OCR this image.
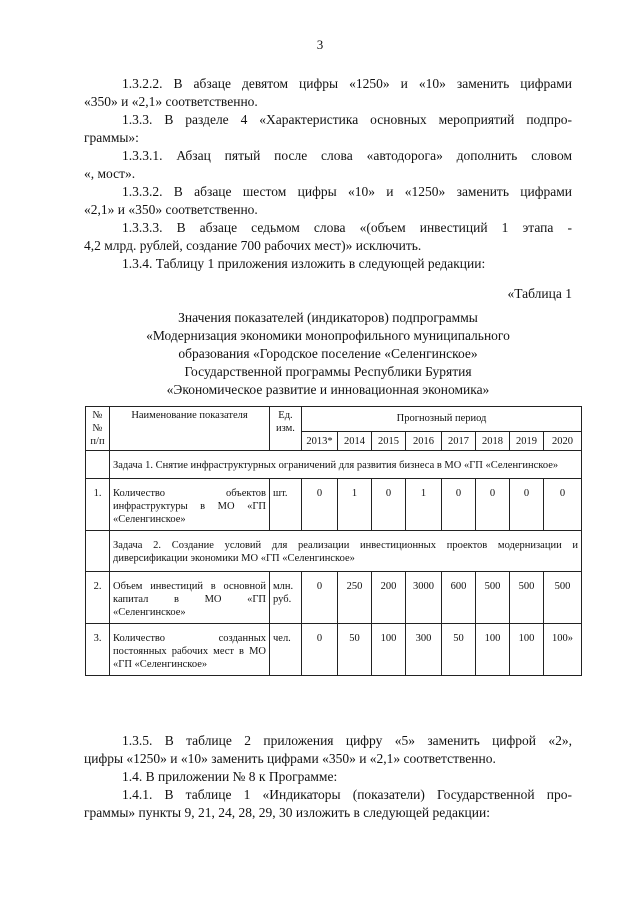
3
1.3.2.2. В абзаце девятом цифры «1250» и «10» заменить цифрами
«350» и «2,1» соответственно.
1.3.3. В разделе 4 «Характеристика основных мероприятий подпро-
граммы»:
1.3.3.1. Абзац пятый после слова «автодорога» дополнить словом
«, мост».
1.3.3.2. В абзаце шестом цифры «10» и «1250» заменить цифрами
«2,1» и «350» соответственно.
1.3.3.3. В абзаце седьмом слова «(объем инвестиций 1 этапа -
4,2 млрд. рублей, создание 700 рабочих мест)» исключить.
1.3.4. Таблицу 1 приложения изложить в следующей редакции:
«Таблица 1
Значения показателей (индикаторов) подпрограммы
«Модернизация экономики монопрофильного муниципального
образования «Городское поселение «Селенгинское»
Государственной программы Республики Бурятия
«Экономическое развитие и инновационная экономика»
№№ п/п	Наименование показателя	Ед. изм.	Прогнозный период							
			2013*	2014	2015	2016	2017	2018	2019	2020
	Задача 1. Снятие инфраструктурных ограничений для развития бизнеса в МО «ГП «Селенгинское»									
1.	Количество объектов инфраструктуры в МО «ГП «Селенгинское»	шт.	0	1	0	1	0	0	0	0
	Задача 2. Создание условий для реализации инвестиционных проектов модернизации и диверсификации экономики МО «ГП «Селенгинское»									
2.	Объем инвестиций в основной капитал в МО «ГП «Селенгинское»	млн. руб.	0	250	200	3000	600	500	500	500
3.	Количество созданных постоянных рабочих мест в МО «ГП «Селенгинское»	чел.	0	50	100	300	50	100	100	100»
1.3.5. В таблице 2 приложения цифру «5» заменить цифрой «2»,
цифры «1250» и «10» заменить цифрами «350» и «2,1» соответственно.
1.4. В приложении № 8 к Программе:
1.4.1. В таблице 1 «Индикаторы (показатели) Государственной про-
граммы» пункты 9, 21, 24, 28, 29, 30 изложить в следующей редакции:
